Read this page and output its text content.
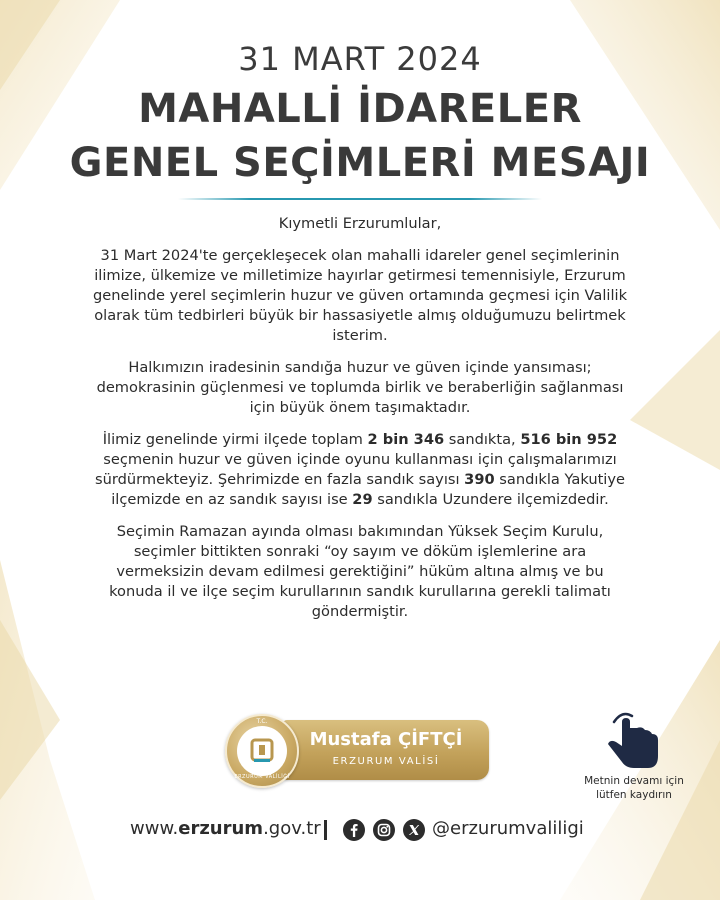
31 MART 2024
MAHALLİ İDARELER
GENEL SEÇİMLERİ MESAJI

Kıymetli Erzurumlular,

31 Mart 2024'te gerçekleşecek olan mahalli idareler genel seçimlerinin ilimize, ülkemize ve milletimize hayırlar getirmesi temennisiyle, Erzurum genelinde yerel seçimlerin huzur ve güven ortamında geçmesi için Valilik olarak tüm tedbirleri büyük bir hassasiyetle almış olduğumuzu belirtmek isterim.

Halkımızın iradesinin sandığa huzur ve güven içinde yansıması; demokrasinin güçlenmesi ve toplumda birlik ve beraberliğin sağlanması için büyük önem taşımaktadır.

İlimiz genelinde yirmi ilçede toplam 2 bin 346 sandıkta, 516 bin 952 seçmenin huzur ve güven içinde oyunu kullanması için çalışmalarımızı sürdürmekteyiz. Şehrimizde en fazla sandık sayısı 390 sandıkla Yakutiye ilçemizde en az sandık sayısı ise 29 sandıkla Uzundere ilçemizdedir.

Seçimin Ramazan ayında olması bakımından Yüksek Seçim Kurulu, seçimler bittikten sonraki “oy sayım ve döküm işlemlerine ara vermeksizin devam edilmesi gerektiğini” hüküm altına almış ve bu konuda il ve ilçe seçim kurullarının sandık kurullarına gerekli talimatı göndermiştir.

Mustafa ÇİFTÇİ
ERZURUM VALİSİ
T.C.
ERZURUM VALİLİĞİ	Metnin devamı için
lütfen kaydırın
www.erzurum.gov.tr	@erzurumvaliligi
